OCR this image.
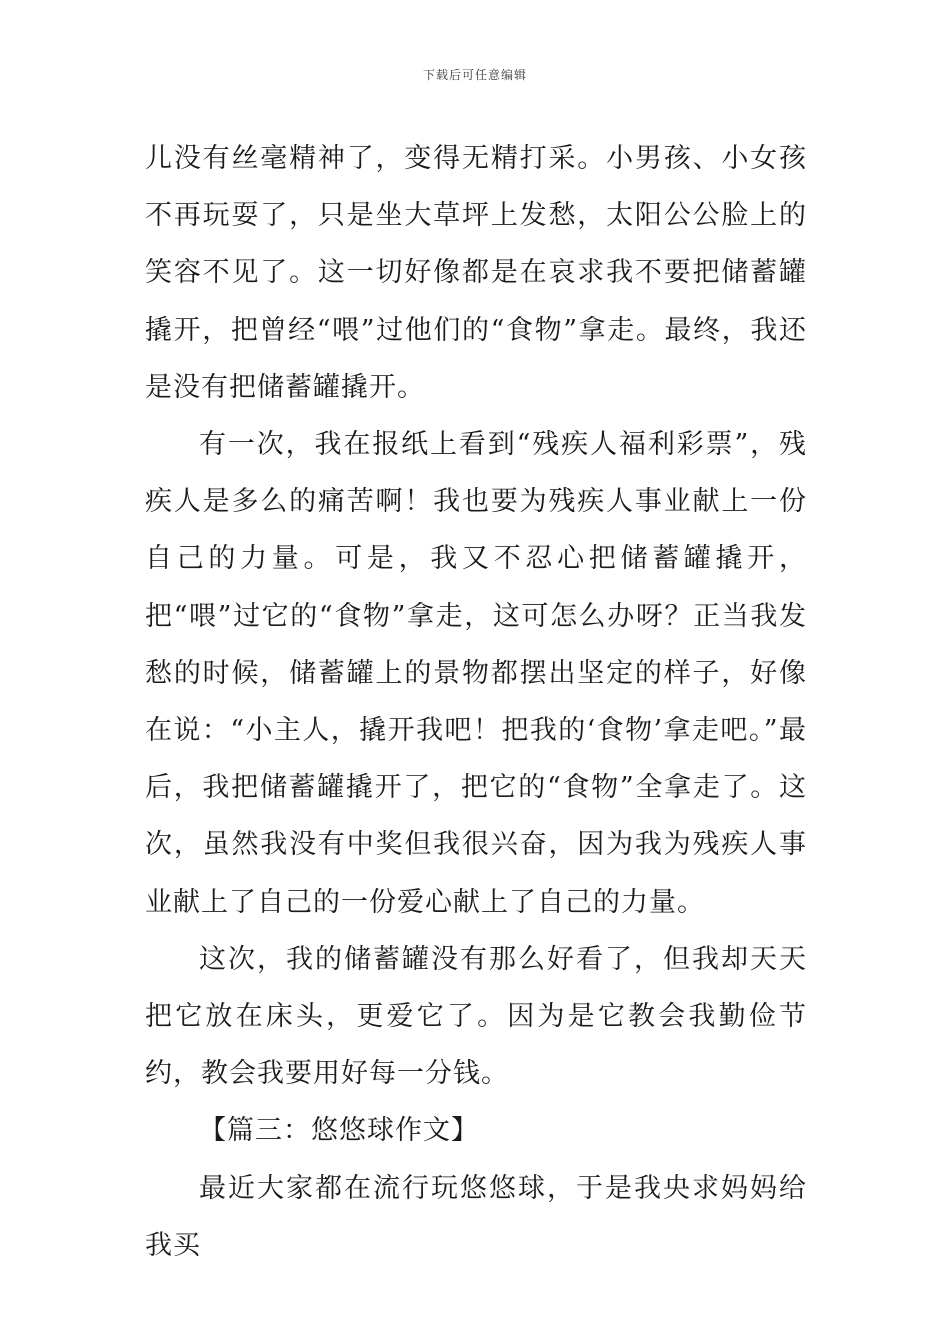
下载后可任意编辑

儿没有丝毫精神了，变得无精打采。小男孩、小女孩不再玩耍了，只是坐大草坪上发愁，太阳公公脸上的笑容不见了。这一切好像都是在哀求我不要把储蓄罐撬开，把曾经“喂”过他们的“食物”拿走。最终，我还是没有把储蓄罐撬开。

有一次，我在报纸上看到“残疾人福利彩票”，残疾人是多么的痛苦啊！我也要为残疾人事业献上一份自己的力量。可是，我又不忍心把储蓄罐撬开，把“喂”过它的“食物”拿走，这可怎么办呀？正当我发愁的时候，储蓄罐上的景物都摆出坚定的样子，好像在说：“小主人，撬开我吧！把我的‘食物’拿走吧。”最后，我把储蓄罐撬开了，把它的“食物”全拿走了。这次，虽然我没有中奖但我很兴奋，因为我为残疾人事业献上了自己的一份爱心献上了自己的力量。

这次，我的储蓄罐没有那么好看了，但我却天天把它放在床头，更爱它了。因为是它教会我勤俭节约，教会我要用好每一分钱。

【篇三：悠悠球作文】

最近大家都在流行玩悠悠球，于是我央求妈妈给我买
